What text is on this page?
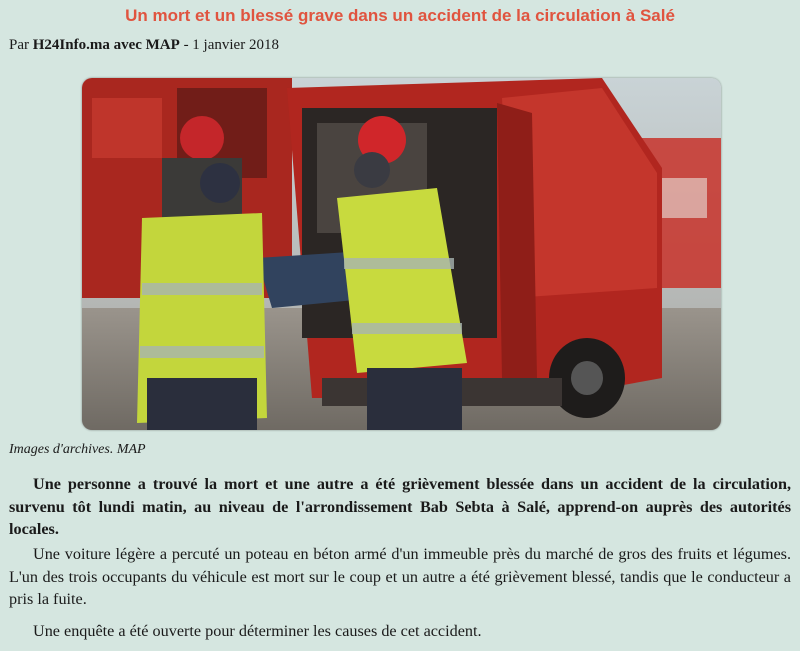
Un mort et un blessé grave dans un accident de la circulation à Salé
Par H24Info.ma avec MAP - 1 janvier 2018
Images d'archives. MAP

Une personne a trouvé la mort et une autre a été grièvement blessée dans un accident de la circulation, survenu tôt lundi matin, au niveau de l'arrondissement Bab Sebta à Salé, apprend-on auprès des autorités locales.

Une voiture légère a percuté un poteau en béton armé d'un immeuble près du marché de gros des fruits et légumes. L'un des trois occupants du véhicule est mort sur le coup et un autre a été grièvement blessé, tandis que le conducteur a pris la fuite.

Une enquête a été ouverte pour déterminer les causes de cet accident.
